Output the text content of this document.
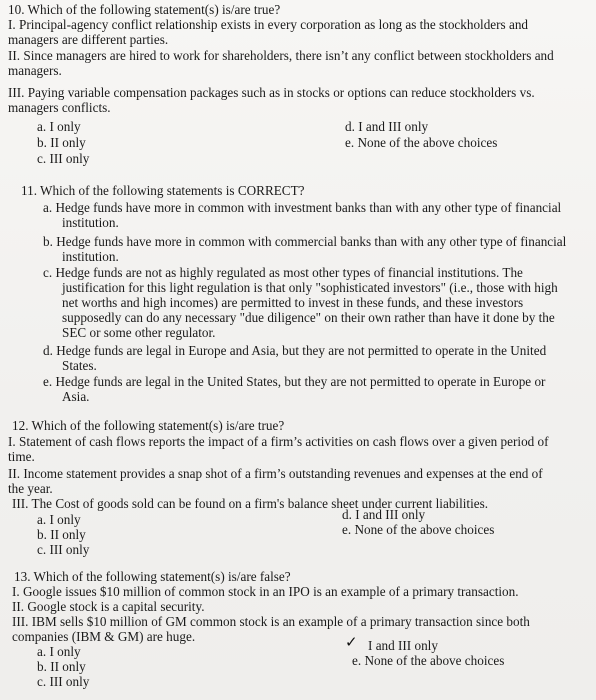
10. Which of the following statement(s) is/are true?
I. Principal-agency conflict relationship exists in every corporation as long as the stockholders and
managers are different parties.
II. Since managers are hired to work for shareholders, there isn’t any conflict between stockholders and
managers.
III. Paying variable compensation packages such as in stocks or options can reduce stockholders vs.
managers conflicts.
a. I only
b. II only
c. III only
d. I and III only
e. None of the above choices
11. Which of the following statements is CORRECT?
a. Hedge funds have more in common with investment banks than with any other type of financial
institution.
b. Hedge funds have more in common with commercial banks than with any other type of financial
institution.
c. Hedge funds are not as highly regulated as most other types of financial institutions. The
justification for this light regulation is that only "sophisticated investors" (i.e., those with high
net worths and high incomes) are permitted to invest in these funds, and these investors
supposedly can do any necessary "due diligence" on their own rather than have it done by the
SEC or some other regulator.
d. Hedge funds are legal in Europe and Asia, but they are not permitted to operate in the United
States.
e. Hedge funds are legal in the United States, but they are not permitted to operate in Europe or
Asia.
12. Which of the following statement(s) is/are true?
I. Statement of cash flows reports the impact of a firm’s activities on cash flows over a given period of
time.
II. Income statement provides a snap shot of a firm’s outstanding revenues and expenses at the end of
the year.
III. The Cost of goods sold can be found on a firm's balance sheet under current liabilities.
a. I only
b. II only
c. III only
d. I and III only
e. None of the above choices
13. Which of the following statement(s) is/are false?
I. Google issues $10 million of common stock in an IPO is an example of a primary transaction.
II. Google stock is a capital security.
III. IBM sells $10 million of GM common stock is an example of a primary transaction since both
companies (IBM & GM) are huge.
a. I only
b. II only
c. III only
✓ I and III only
e. None of the above choices
